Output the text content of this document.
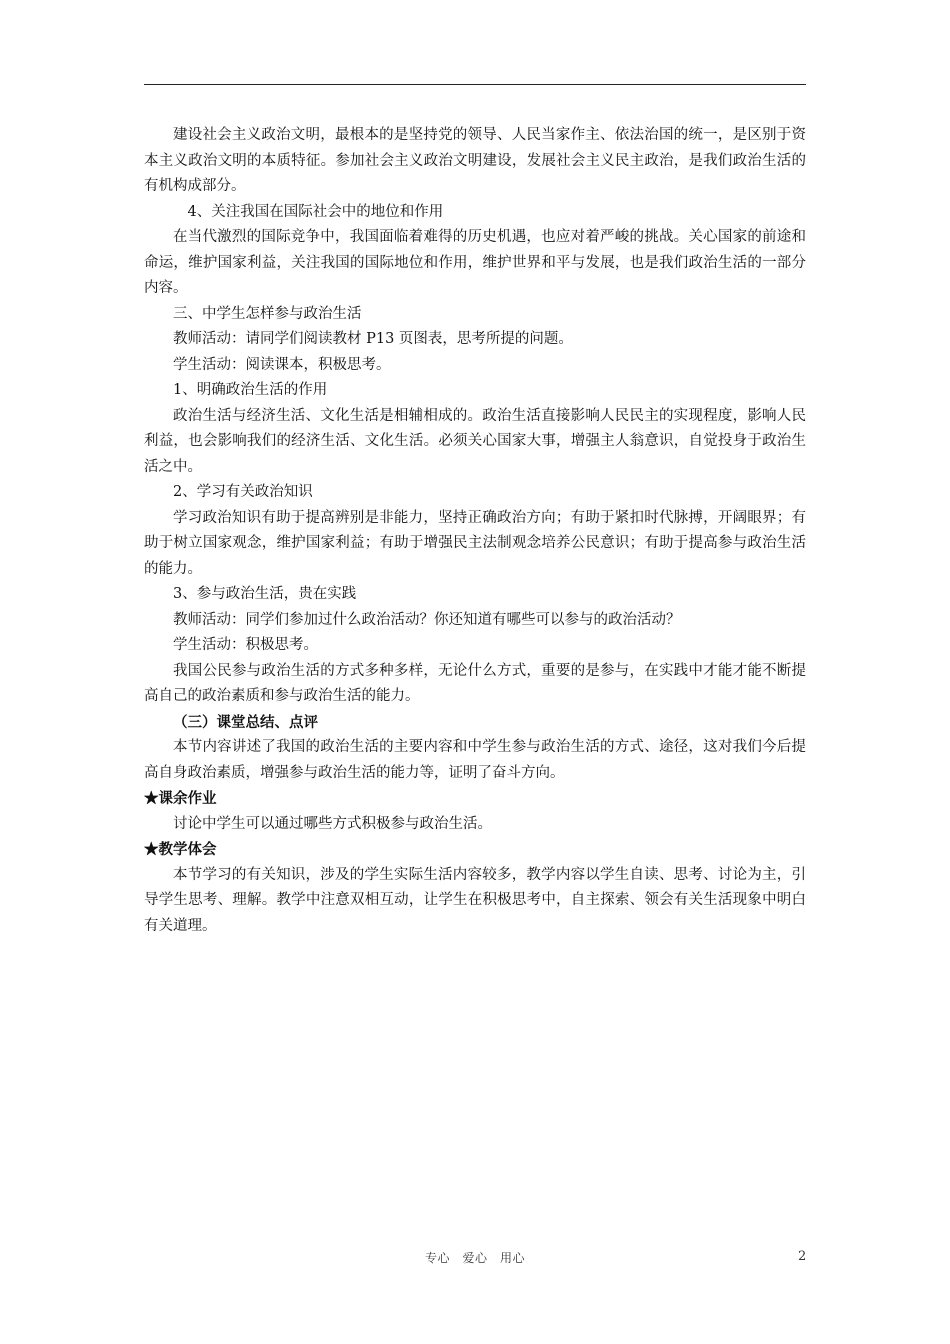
建设社会主义政治文明，最根本的是坚持党的领导、人民当家作主、依法治国的统一，是区别于资本主义政治文明的本质特征。参加社会主义政治文明建设，发展社会主义民主政治，是我们政治生活的有机构成部分。

4、关注我国在国际社会中的地位和作用

在当代激烈的国际竞争中，我国面临着难得的历史机遇，也应对着严峻的挑战。关心国家的前途和命运，维护国家利益，关注我国的国际地位和作用，维护世界和平与发展，也是我们政治生活的一部分内容。

三、中学生怎样参与政治生活

教师活动：请同学们阅读教材 P13 页图表，思考所提的问题。

学生活动：阅读课本，积极思考。

1、明确政治生活的作用

政治生活与经济生活、文化生活是相辅相成的。政治生活直接影响人民民主的实现程度，影响人民利益，也会影响我们的经济生活、文化生活。必须关心国家大事，增强主人翁意识，自觉投身于政治生活之中。

2、学习有关政治知识

学习政治知识有助于提高辨别是非能力，坚持正确政治方向；有助于紧扣时代脉搏，开阔眼界；有助于树立国家观念，维护国家利益；有助于增强民主法制观念培养公民意识；有助于提高参与政治生活的能力。

3、参与政治生活，贵在实践

教师活动：同学们参加过什么政治活动？你还知道有哪些可以参与的政治活动？

学生活动：积极思考。

我国公民参与政治生活的方式多种多样，无论什么方式，重要的是参与，在实践中才能才能不断提高自己的政治素质和参与政治生活的能力。

（三）课堂总结、点评

本节内容讲述了我国的政治生活的主要内容和中学生参与政治生活的方式、途径，这对我们今后提高自身政治素质，增强参与政治生活的能力等，证明了奋斗方向。

★课余作业

讨论中学生可以通过哪些方式积极参与政治生活。

★教学体会

本节学习的有关知识，涉及的学生实际生活内容较多，教学内容以学生自读、思考、讨论为主，引导学生思考、理解。教学中注意双相互动，让学生在积极思考中，自主探索、领会有关生活现象中明白有关道理。

专心　爱心　用心	2
